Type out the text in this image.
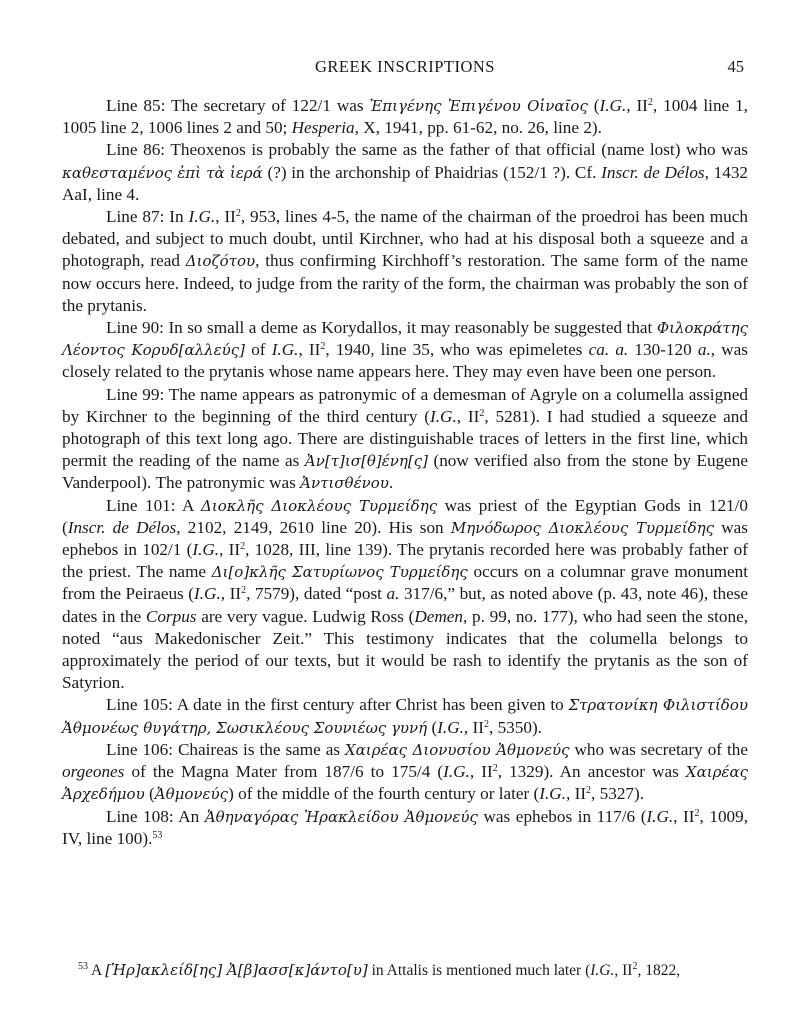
GREEK INSCRIPTIONS	45

Line 85: The secretary of 122/1 was Ἐπιγένης Ἐπιγένου Οἰναῖος (I.G., $II^2$, 1004 line 1, 1005 line 2, 1006 lines 2 and 50; Hesperia, X, 1941, pp. 61-62, no. 26, line 2).

Line 86: Theoxenos is probably the same as the father of that official (name lost) who was καθεσταμένος ἐπὶ τὰ ἱερά (?) in the archonship of Phaidrias (152/1 ?). Cf. Inscr. de Délos, 1432 AaI, line 4.

Line 87: In I.G., $II^2$, 953, lines 4-5, the name of the chairman of the proedroi has been much debated, and subject to much doubt, until Kirchner, who had at his disposal both a squeeze and a photograph, read Διοζότου, thus confirming Kirchhoff’s restoration. The same form of the name now occurs here. Indeed, to judge from the rarity of the form, the chairman was probably the son of the prytanis.

Line 90: In so small a deme as Korydallos, it may reasonably be suggested that Φιλοκράτης Λέοντος Κορυδ[αλλεύς] of I.G., $II^2$, 1940, line 35, who was epimeletes ca. a. 130-120 a., was closely related to the prytanis whose name appears here. They may even have been one person.

Line 99: The name appears as patronymic of a demesman of Agryle on a columella assigned by Kirchner to the beginning of the third century (I.G., $II^2$, 5281). I had studied a squeeze and photograph of this text long ago. There are distinguishable traces of letters in the first line, which permit the reading of the name as Ἀν[τ]ισ[θ]ένη[ς] (now verified also from the stone by Eugene Vanderpool). The patronymic was Ἀντισθένου.

Line 101: A Διοκλῆς Διοκλέους Τυρμείδης was priest of the Egyptian Gods in 121/0 (Inscr. de Délos, 2102, 2149, 2610 line 20). His son Μηνόδωρος Διοκλέους Τυρμείδης was ephebos in 102/1 (I.G., $II^2$, 1028, III, line 139). The prytanis recorded here was probably father of the priest. The name Δι[ο]κλῆς Σατυρίωνος Τυρμείδης occurs on a columnar grave monument from the Peiraeus (I.G., $II^2$, 7579), dated “post a. 317/6,” but, as noted above (p. 43, note 46), these dates in the Corpus are very vague. Ludwig Ross (Demen, p. 99, no. 177), who had seen the stone, noted “aus Makedonischer Zeit.” This testimony indicates that the columella belongs to approximately the period of our texts, but it would be rash to identify the prytanis as the son of Satyrion.

Line 105: A date in the first century after Christ has been given to Στρατονίκη Φιλιστίδου Ἀθμονέως θυγάτηρ, Σωσικλέους Σουνιέως γυνή (I.G., $II^2$, 5350).

Line 106: Chaireas is the same as Χαιρέας Διονυσίου Ἀθμονεύς who was secretary of the orgeones of the Magna Mater from 187/6 to 175/4 (I.G., $II^2$, 1329). An ancestor was Χαιρέας Ἀρχεδήμου (Ἀθμονεύς) of the middle of the fourth century or later (I.G., $II^2$, 5327).

Line 108: An Ἀθηναγόρας Ἡρακλείδου Ἀθμονεύς was ephebos in 117/6 (I.G., $II^2$, 1009, IV, line 100).$^{53}$

$^{53}$ A [Ἡρ]ακλείδ[ης] Ἀ[β]ασσ[κ]άντο[υ] in Attalis is mentioned much later (I.G., $II^2$, 1822,
